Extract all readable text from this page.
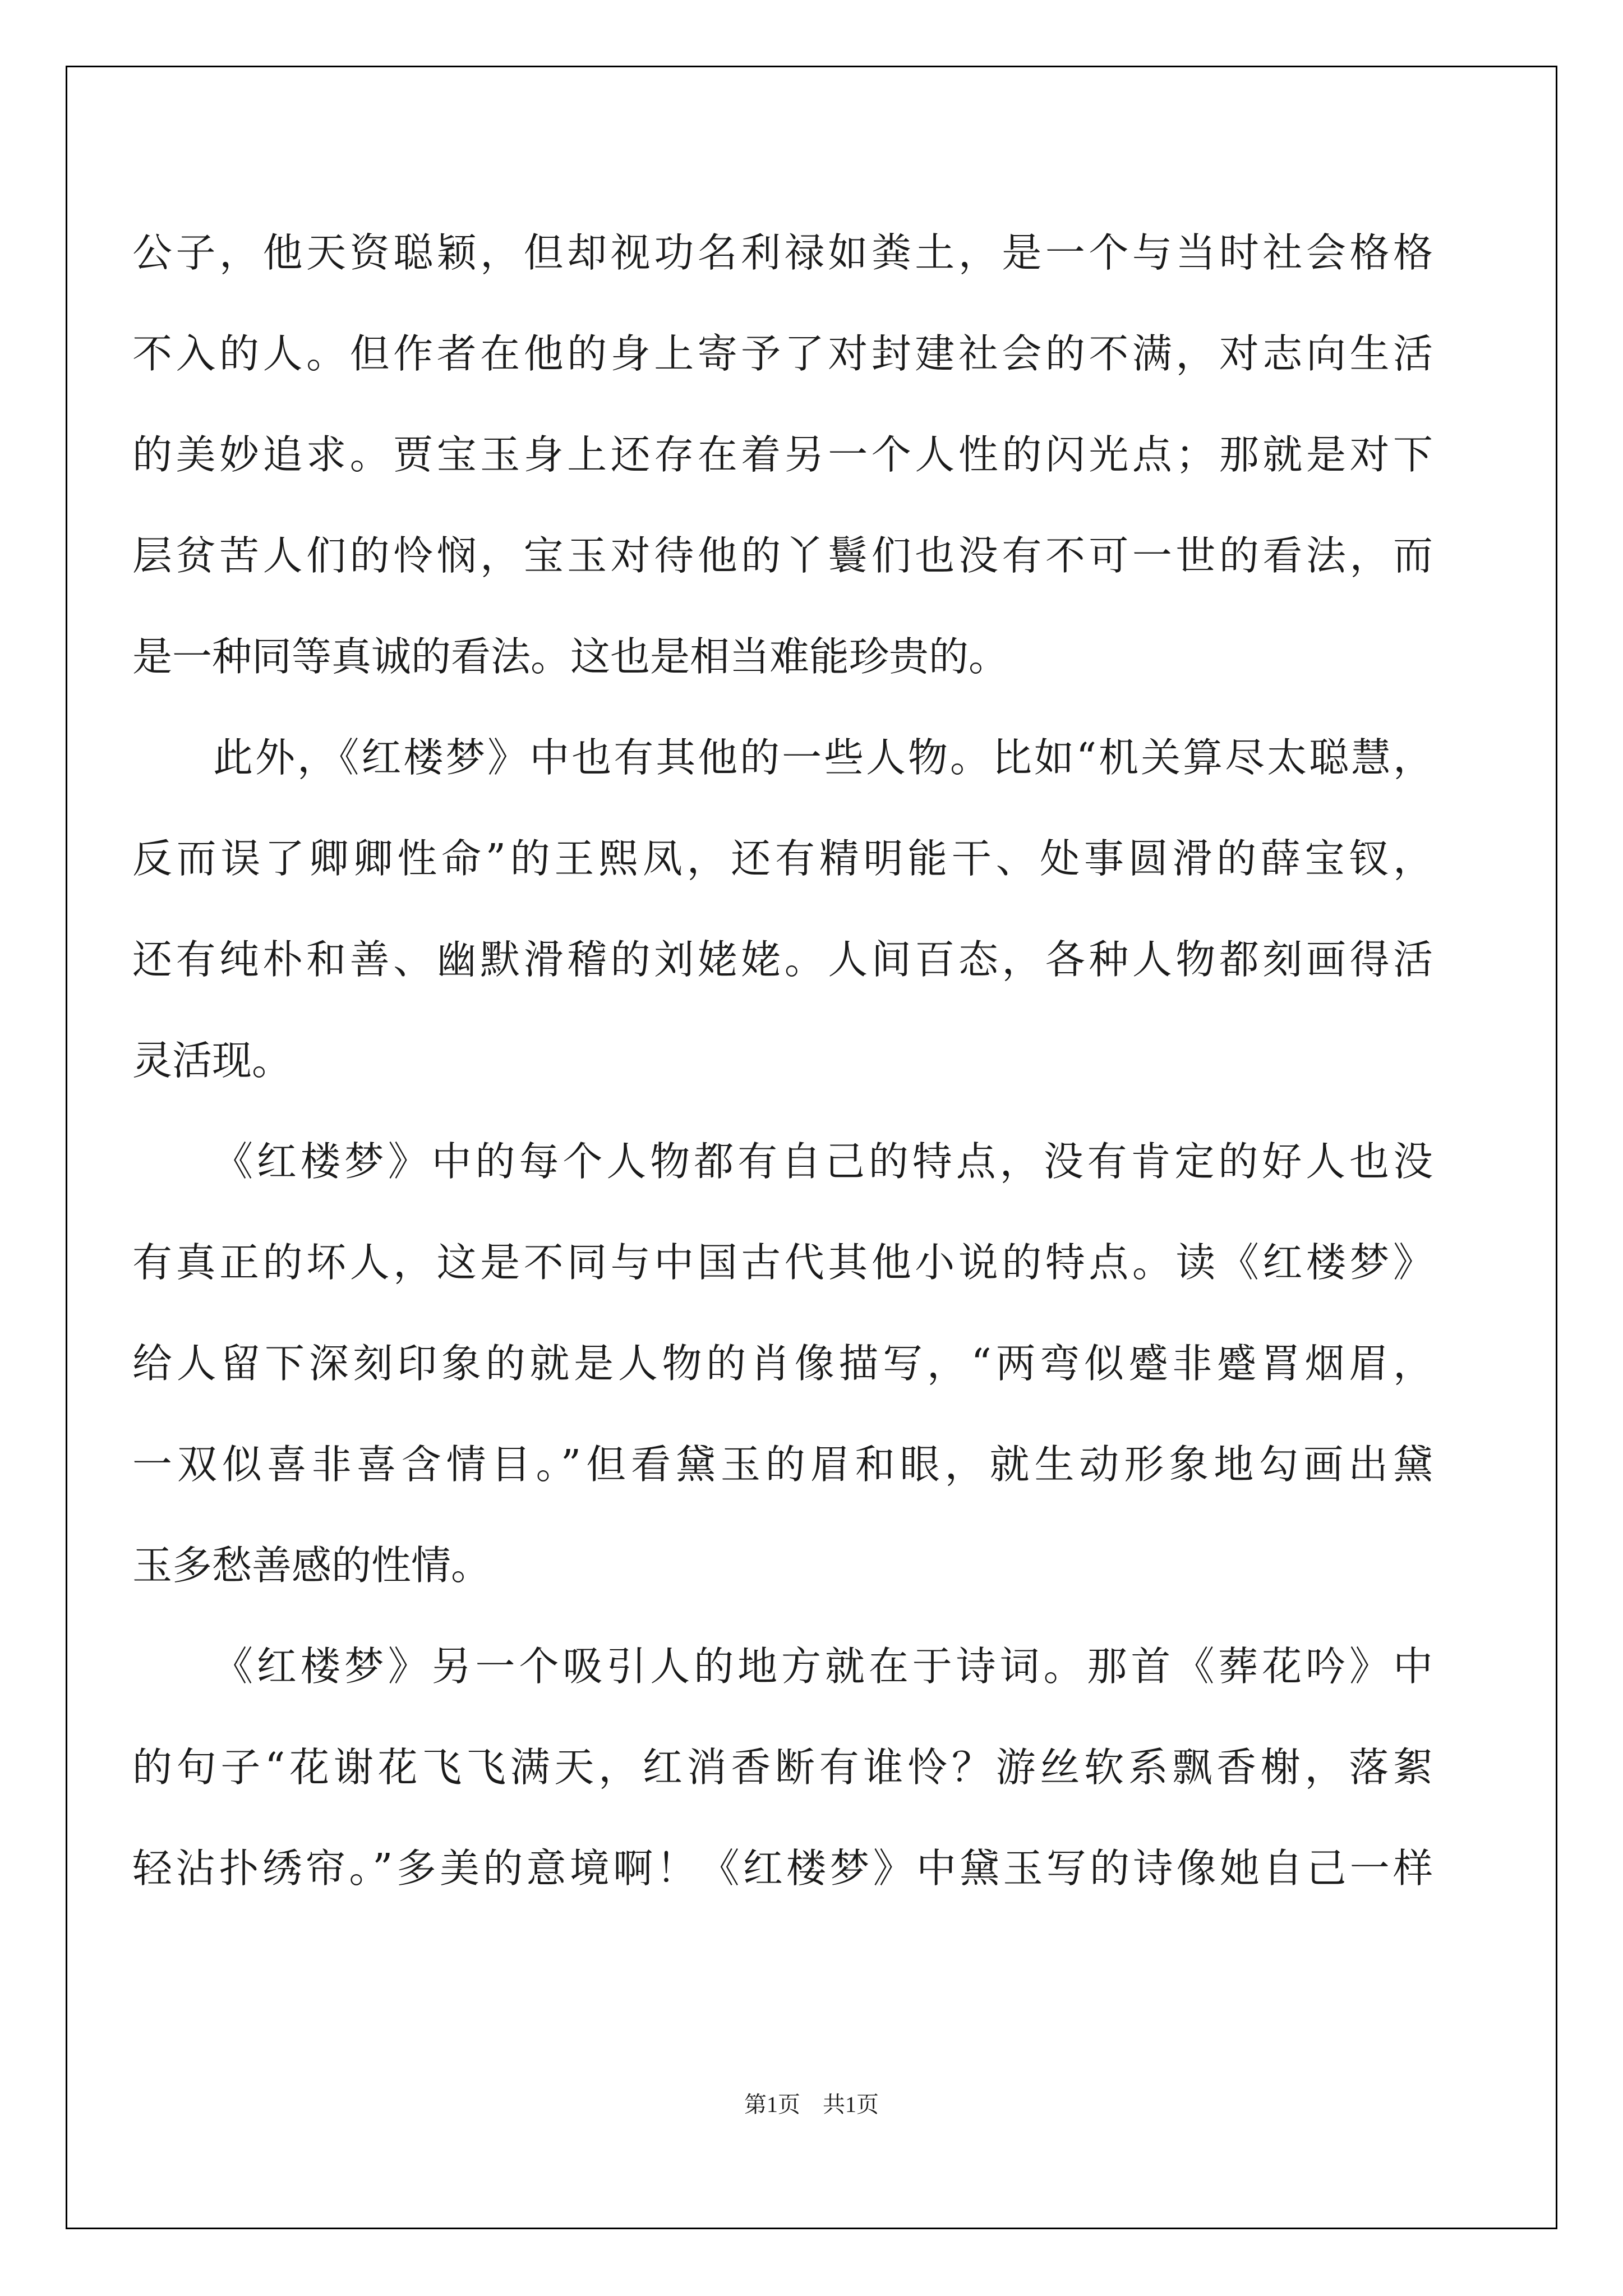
公子，他天资聪颖，但却视功名利禄如粪土，是一个与当时社会格格
不入的人。但作者在他的身上寄予了对封建社会的不满，对志向生活
的美妙追求。贾宝玉身上还存在着另一个人性的闪光点；那就是对下
层贫苦人们的怜悯，宝玉对待他的丫鬟们也没有不可一世的看法，而
是一种同等真诚的看法。这也是相当难能珍贵的。
此外，《红楼梦》中也有其他的一些人物。比如“机关算尽太聪慧，
反而误了卿卿性命”的王熙凤，还有精明能干、处事圆滑的薛宝钗，
还有纯朴和善、幽默滑稽的刘姥姥。人间百态，各种人物都刻画得活
灵活现。
《红楼梦》中的每个人物都有自己的特点，没有肯定的好人也没
有真正的坏人，这是不同与中国古代其他小说的特点。读《红楼梦》
给人留下深刻印象的就是人物的肖像描写，“两弯似蹙非蹙罥烟眉，
一双似喜非喜含情目。”但看黛玉的眉和眼，就生动形象地勾画出黛
玉多愁善感的性情。
《红楼梦》另一个吸引人的地方就在于诗词。那首《葬花吟》中
的句子“花谢花飞飞满天，红消香断有谁怜？游丝软系飘香榭，落絮
轻沾扑绣帘。”多美的意境啊！《红楼梦》中黛玉写的诗像她自己一样
第1页 共1页
